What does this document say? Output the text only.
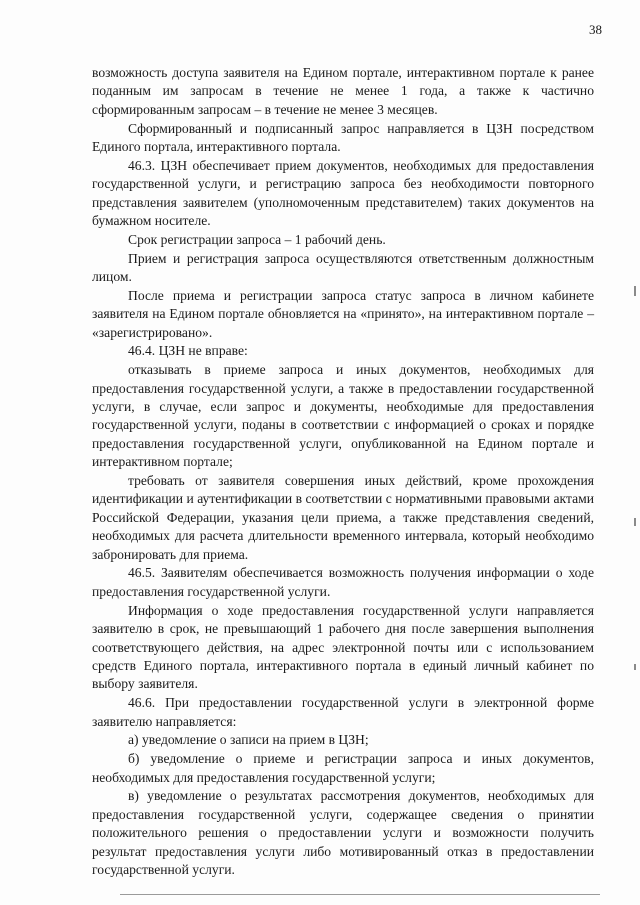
38

возможность доступа заявителя на Едином портале, интерактивном портале к ранее поданным им запросам в течение не менее 1 года, а также к частично сформированным запросам – в течение не менее 3 месяцев.

Сформированный и подписанный запрос направляется в ЦЗН посредством Единого портала, интерактивного портала.

46.3. ЦЗН обеспечивает прием документов, необходимых для предоставления государственной услуги, и регистрацию запроса без необходимости повторного представления заявителем (уполномоченным представителем) таких документов на бумажном носителе.

Срок регистрации запроса – 1 рабочий день.

Прием и регистрация запроса осуществляются ответственным должностным лицом.

После приема и регистрации запроса статус запроса в личном кабинете заявителя на Едином портале обновляется на «принято», на интерактивном портале – «зарегистрировано».

46.4. ЦЗН не вправе:

отказывать в приеме запроса и иных документов, необходимых для предоставления государственной услуги, а также в предоставлении государственной услуги, в случае, если запрос и документы, необходимые для предоставления государственной услуги, поданы в соответствии с информацией о сроках и порядке предоставления государственной услуги, опубликованной на Едином портале и интерактивном портале;

требовать от заявителя совершения иных действий, кроме прохождения идентификации и аутентификации в соответствии с нормативными правовыми актами Российской Федерации, указания цели приема, а также представления сведений, необходимых для расчета длительности временного интервала, который необходимо забронировать для приема.

46.5. Заявителям обеспечивается возможность получения информации о ходе предоставления государственной услуги.

Информация о ходе предоставления государственной услуги направляется заявителю в срок, не превышающий 1 рабочего дня после завершения выполнения соответствующего действия, на адрес электронной почты или с использованием средств Единого портала, интерактивного портала в единый личный кабинет по выбору заявителя.

46.6. При предоставлении государственной услуги в электронной форме заявителю направляется:

а) уведомление о записи на прием в ЦЗН;

б) уведомление о приеме и регистрации запроса и иных документов, необходимых для предоставления государственной услуги;

в) уведомление о результатах рассмотрения документов, необходимых для предоставления государственной услуги, содержащее сведения о принятии положительного решения о предоставлении услуги и возможности получить результат предоставления услуги либо мотивированный отказ в предоставлении государственной услуги.
